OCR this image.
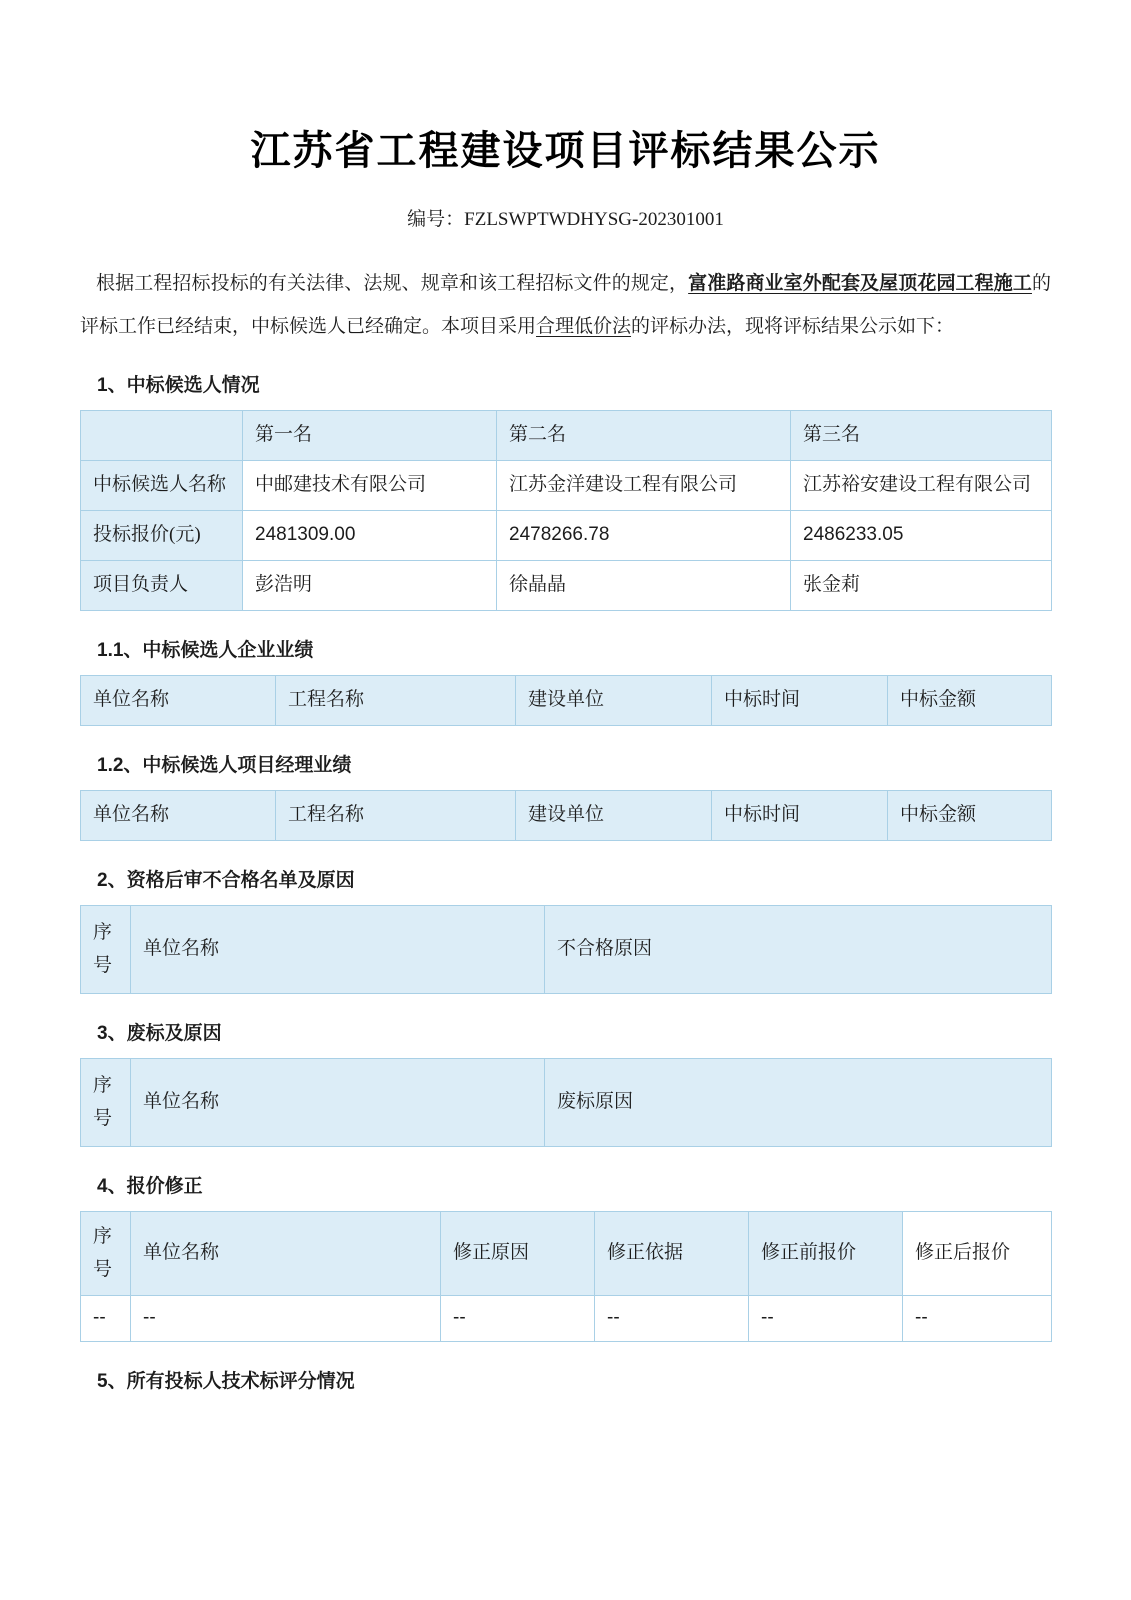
江苏省工程建设项目评标结果公示

编号：FZLSWPTWDHYSG-202301001

根据工程招标投标的有关法律、法规、规章和该工程招标文件的规定，富准路商业室外配套及屋顶花园工程施工的评标工作已经结束，中标候选人已经确定。本项目采用合理低价法的评标办法，现将评标结果公示如下：

1、中标候选人情况
	第一名	第二名	第三名
中标候选人名称	中邮建技术有限公司	江苏金洋建设工程有限公司	江苏裕安建设工程有限公司
投标报价(元)	2481309.00	2478266.78	2486233.05
项目负责人	彭浩明	徐晶晶	张金莉
1.1、中标候选人企业业绩
单位名称	工程名称	建设单位	中标时间	中标金额
1.2、中标候选人项目经理业绩
单位名称	工程名称	建设单位	中标时间	中标金额
2、资格后审不合格名单及原因
序号	单位名称	不合格原因
3、废标及原因
序号	单位名称	废标原因
4、报价修正
序号	单位名称	修正原因	修正依据	修正前报价	修正后报价
--	--	--	--	--	--
5、所有投标人技术标评分情况
